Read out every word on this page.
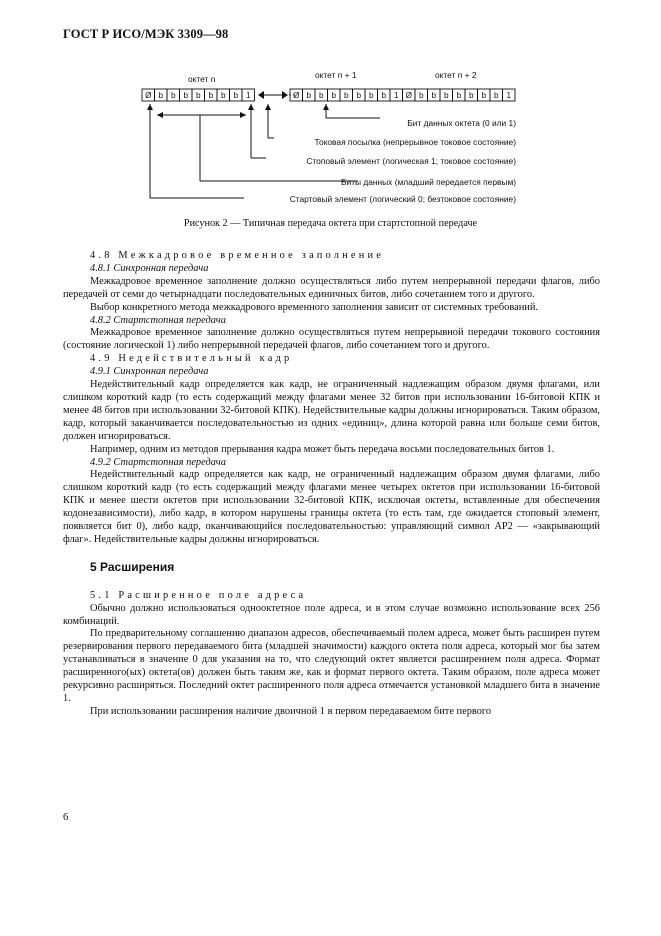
ГОСТ Р ИСО/МЭК 3309—98
октет n	октет n + 1	октет n + 2
Ø b b b b b b b 1	Ø b b b b b b b 1 Ø b b b b b b b 1
Бит данных октета (0 или 1)
Токовая посылка (непрерывное токовое состояние)
Стоповый элемент (логическая 1; токовое состояние)
Биты данных (младший передается первым)
Стартовый элемент (логический 0; безтоковое состояние)
Рисунок 2 — Типичная передача октета при стартстопной передаче

4.8 Межкадровое временное заполнение

4.8.1 Синхронная передача

Межкадровое временное заполнение должно осуществляться либо путем непрерывной передачи флагов, либо передачей от семи до четырнадцати последовательных единичных битов, либо сочетанием того и другого.

Выбор конкретного метода межкадрового временного заполнения зависит от системных требований.

4.8.2 Стартстопная передача

Межкадровое временное заполнение должно осуществляться путем непрерывной передачи токового состояния (состояние логической 1) либо непрерывной передачей флагов, либо сочетанием того и другого.

4.9 Недействительный кадр

4.9.1 Синхронная передача

Недействительный кадр определяется как кадр, не ограниченный надлежащим образом двумя флагами, или слишком короткий кадр (то есть содержащий между флагами менее 32 битов при использовании 16-битовой КПК и менее 48 битов при использовании 32-битовой КПК). Недействительные кадры должны игнорироваться. Таким образом, кадр, который заканчивается последовательностью из одних «единиц», длина которой равна или больше семи битов, должен игнорироваться.

Например, одним из методов прерывания кадра может быть передача восьми последовательных битов 1.

4.9.2 Стартстопная передача

Недействительный кадр определяется как кадр, не ограниченный надлежащим образом двумя флагами, либо слишком короткий кадр (то есть содержащий между флагами менее четырех октетов при использовании 16-битовой КПК и менее шести октетов при использовании 32-битовой КПК, исключая октеты, вставленные для обеспечения кодонезависимости), либо кадр, в котором нарушены границы октета (то есть там, где ожидается стоповый элемент, появляется бит 0), либо кадр, оканчивающийся последовательностью: управляющий символ АР2 — «закрывающий флаг». Недействительные кадры должны игнорироваться.

5 Расширения

5.1 Расширенное поле адреса

Обычно должно использоваться одноoктетное поле адреса, и в этом случае возможно использование всех 256 комбинаций.

По предварительному соглашению диапазон адресов, обеспечиваемый полем адреса, может быть расширен путем резервирования первого передаваемого бита (младшей значимости) каждого октета поля адреса, который мог бы затем устанавливаться в значение 0 для указания на то, что следующий октет является расширением поля адреса. Формат расширенного(ых) октета(ов) должен быть таким же, как и формат первого октета. Таким образом, поле адреса может рекурсивно расширяться. Последний октет расширенного поля адреса отмечается установкой младшего бита в значение 1.

При использовании расширения наличие двоичной 1 в первом передаваемом бите первого

6
